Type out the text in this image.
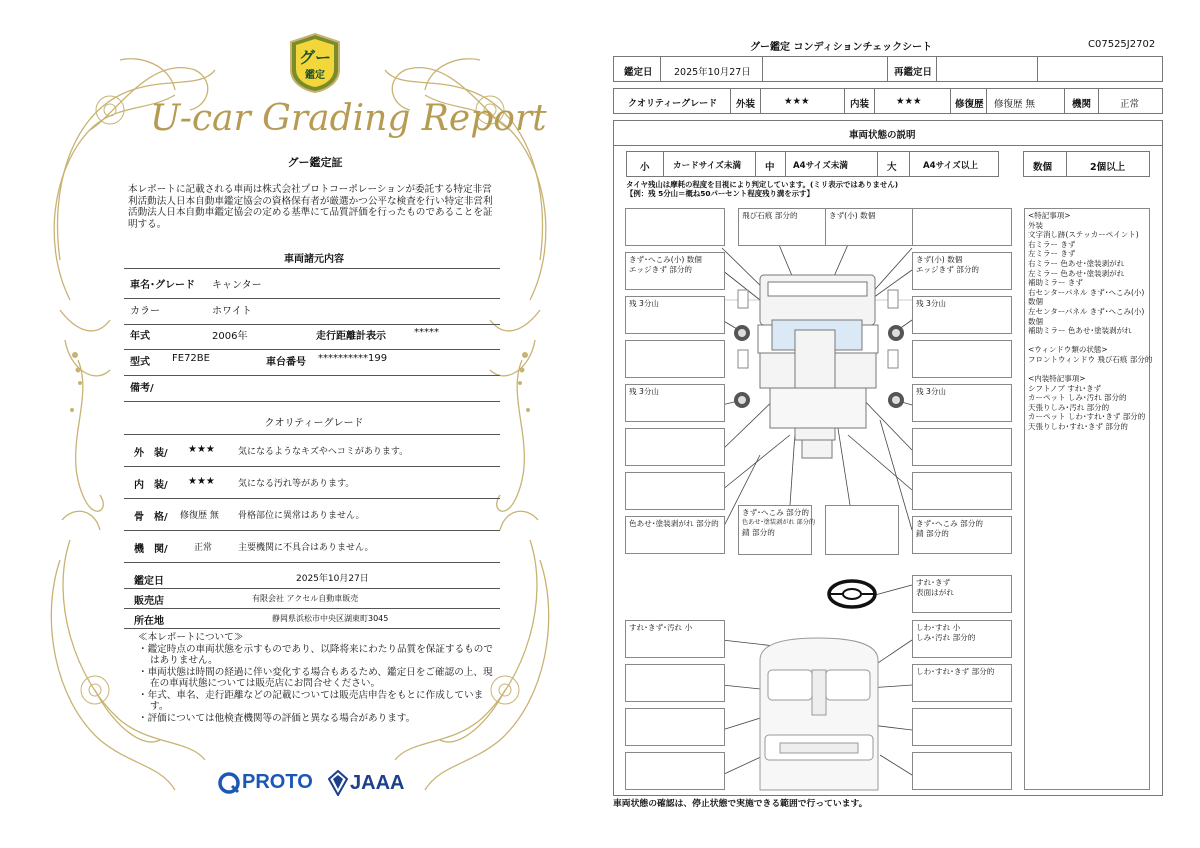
グー
鑑定
U-car Grading Report
グー鑑定証
本レポートに記載される車両は株式会社プロトコーポレーションが委託する特定非営利活動法人日本自動車鑑定協会の資格保有者が厳選かつ公平な検査を行い特定非営利活動法人日本自動車鑑定協会の定める基準にて品質評価を行ったものであることを証明する。
車両諸元内容
車名･グレード キャンター
カラー	ホワイト
年式	2006年	走行距離計表示	*****
型式 FE72BE	車台番号 **********199
備考/
クオリティーグレード
外　装/ ★★★	気になるようなキズやヘコミがあります。
内　装/ ★★★	気になる汚れ等があります。
骨　格/ 修復歴 無 骨格部位に異常はありません。
機　関/	正常	主要機関に不具合はありません。
鑑定日	2025年10月27日
販売店	有限会社 アクセル自動車販売
所在地	静岡県浜松市中央区湖東町3045
≪本レポートについて≫
・鑑定時点の車両状態を示すものであり、以降将来にわたり品質を保証するものではありません。
・車両状態は時間の経過に伴い変化する場合もあるため、鑑定日をご確認の上、現在の車両状態については販売店にお問合せください。
・年式、車名、走行距離などの記載については販売店申告をもとに作成しています。
・評価については他検査機関等の評価と異なる場合があります。
PROTO JAAA
グー鑑定 コンディションチェックシート	C07525J2702
鑑定日 2025年10月27日	再鑑定日
クオリティーグレード 外装	★★★	内装	★★★	修復歴 修復歴 無	機関	正常
車両状態の説明
小	カードサイズ未満	中 A4サイズ未満	大	A4サイズ以上	数個	2個以上
タイヤ残山は摩耗の程度を目視により判定しています。(ミリ表示ではありません)
【例：残 5分山＝概ね50パーセント程度残り溝を示す】
飛び石痕 部分的	きず(小) 数個
きず･へこみ(小) 数個
エッジきず 部分的
きず(小) 数個
エッジきず 部分的
残 3分山	残 3分山
残 3分山	残 3分山
色あせ･塗装剥がれ 部分的
きず･へこみ 部分的
色あせ･塗装剥がれ 部分的
錆 部分的
きず･へこみ 部分的
錆 部分的
すれ･きず
表面はがれ
すれ･きず･汚れ 小	しわ･すれ 小
しみ･汚れ 部分的
しわ･すれ･きず 部分的
<特記事項>
外装
文字消し跡(ステッカーペイント)
右ミラー きず
左ミラー きず
右ミラー 色あせ･塗装剥がれ
左ミラー 色あせ･塗装剥がれ
補助ミラー きず
右センターパネル きず･へこみ(小)
数個
左センターパネル きず･へこみ(小)
数個
補助ミラー 色あせ･塗装剥がれ
<ウィンドウ類の状態>
フロントウィンドウ 飛び石痕 部分的
<内装特記事項>
シフトノブ すれ･きず
カーペット しみ･汚れ 部分的
天張りしみ･汚れ 部分的
カーペット しわ･すれ･きず 部分的
天張りしわ･すれ･きず 部分的
車両状態の確認は、停止状態で実施できる範囲で行っています。
